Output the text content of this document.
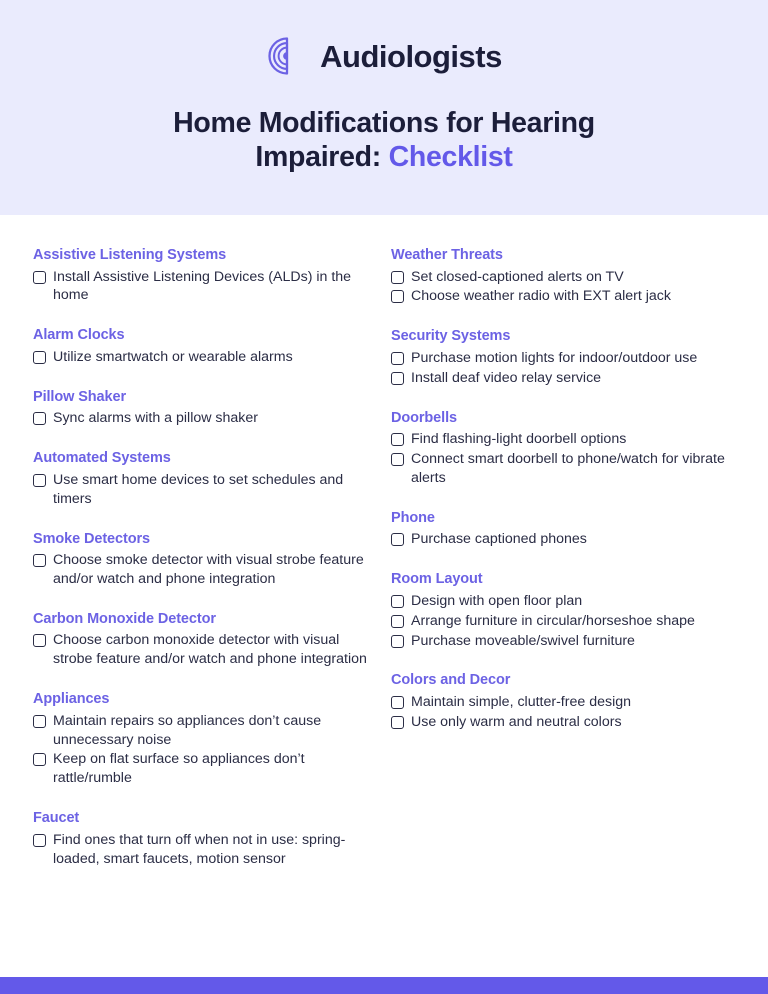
Audiologists
Home Modifications for Hearing
Impaired: Checklist
Assistive Listening Systems
Install Assistive Listening Devices (ALDs) in the home
Alarm Clocks
Utilize smartwatch or wearable alarms
Pillow Shaker
Sync alarms with a pillow shaker
Automated Systems
Use smart home devices to set schedules and timers
Smoke Detectors
Choose smoke detector with visual strobe feature and/or watch and phone integration
Carbon Monoxide Detector
Choose carbon monoxide detector with visual strobe feature and/or watch and phone integration
Appliances
Maintain repairs so appliances don’t cause unnecessary noise
Keep on flat surface so appliances don’t rattle/rumble
Faucet
Find ones that turn off when not in use: spring-loaded, smart faucets, motion sensor
Weather Threats
Set closed-captioned alerts on TV
Choose weather radio with EXT alert jack
Security Systems
Purchase motion lights for indoor/outdoor use
Install deaf video relay service
Doorbells
Find flashing-light doorbell options
Connect smart doorbell to phone/watch for vibrate alerts
Phone
Purchase captioned phones
Room Layout
Design with open floor plan
Arrange furniture in circular/horseshoe shape
Purchase moveable/swivel furniture
Colors and Decor
Maintain simple, clutter-free design
Use only warm and neutral colors
